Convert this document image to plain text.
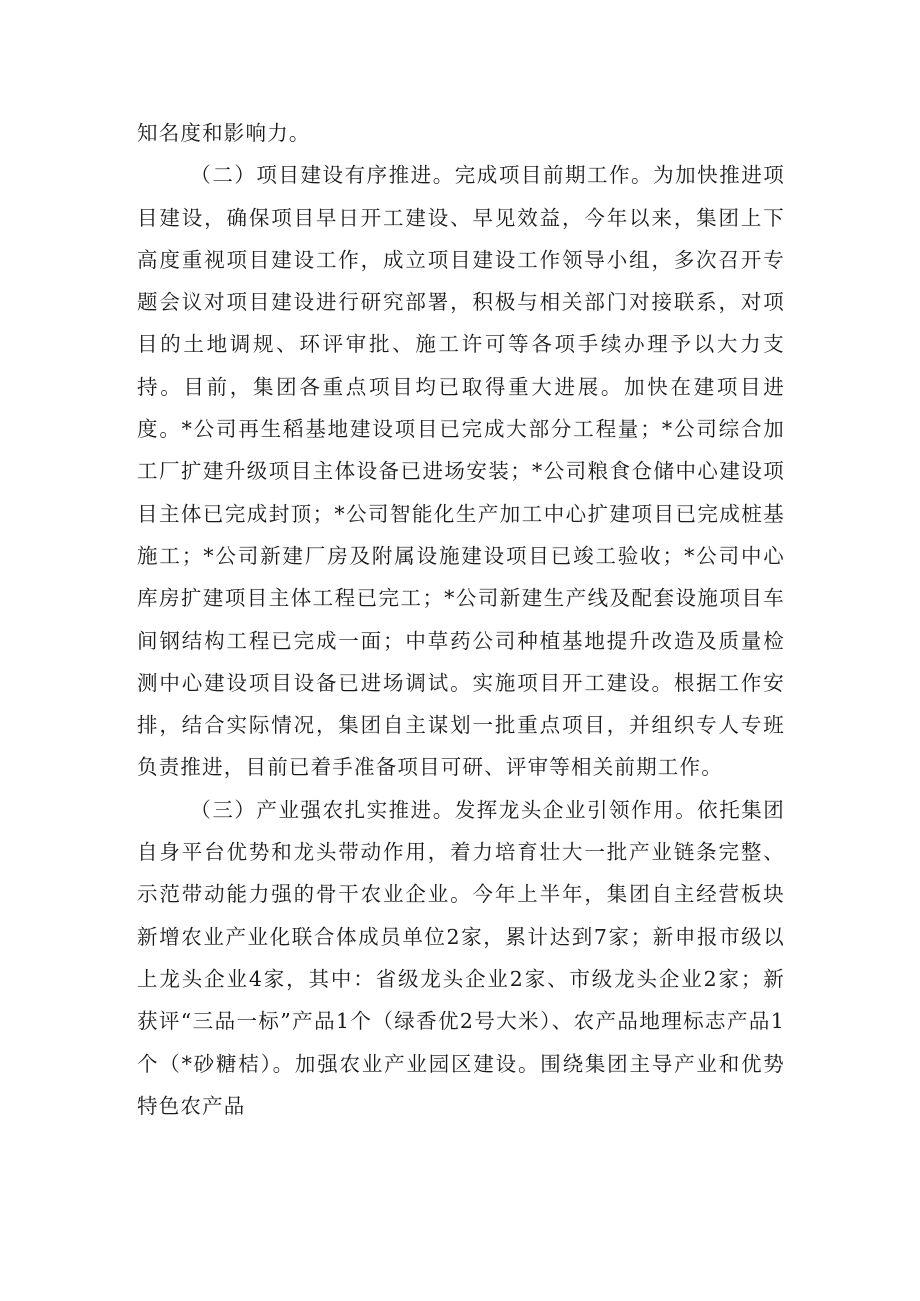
知名度和影响力。

（二）项目建设有序推进。完成项目前期工作。为加快推进项目建设，确保项目早日开工建设、早见效益，今年以来，集团上下高度重视项目建设工作，成立项目建设工作领导小组，多次召开专题会议对项目建设进行研究部署，积极与相关部门对接联系，对项目的土地调规、环评审批、施工许可等各项手续办理予以大力支持。目前，集团各重点项目均已取得重大进展。加快在建项目进度。*公司再生稻基地建设项目已完成大部分工程量；*公司综合加工厂扩建升级项目主体设备已进场安装；*公司粮食仓储中心建设项目主体已完成封顶；*公司智能化生产加工中心扩建项目已完成桩基施工；*公司新建厂房及附属设施建设项目已竣工验收；*公司中心库房扩建项目主体工程已完工；*公司新建生产线及配套设施项目车间钢结构工程已完成一面；中草药公司种植基地提升改造及质量检测中心建设项目设备已进场调试。实施项目开工建设。根据工作安排，结合实际情况，集团自主谋划一批重点项目，并组织专人专班负责推进，目前已着手准备项目可研、评审等相关前期工作。

（三）产业强农扎实推进。发挥龙头企业引领作用。依托集团自身平台优势和龙头带动作用，着力培育壮大一批产业链条完整、示范带动能力强的骨干农业企业。今年上半年，集团自主经营板块新增农业产业化联合体成员单位2家，累计达到7家；新申报市级以上龙头企业4家，其中：省级龙头企业2家、市级龙头企业2家；新获评“三品一标”产品1个（绿香优2号大米）、农产品地理标志产品1个（*砂糖桔）。加强农业产业园区建设。围绕集团主导产业和优势特色农产品
